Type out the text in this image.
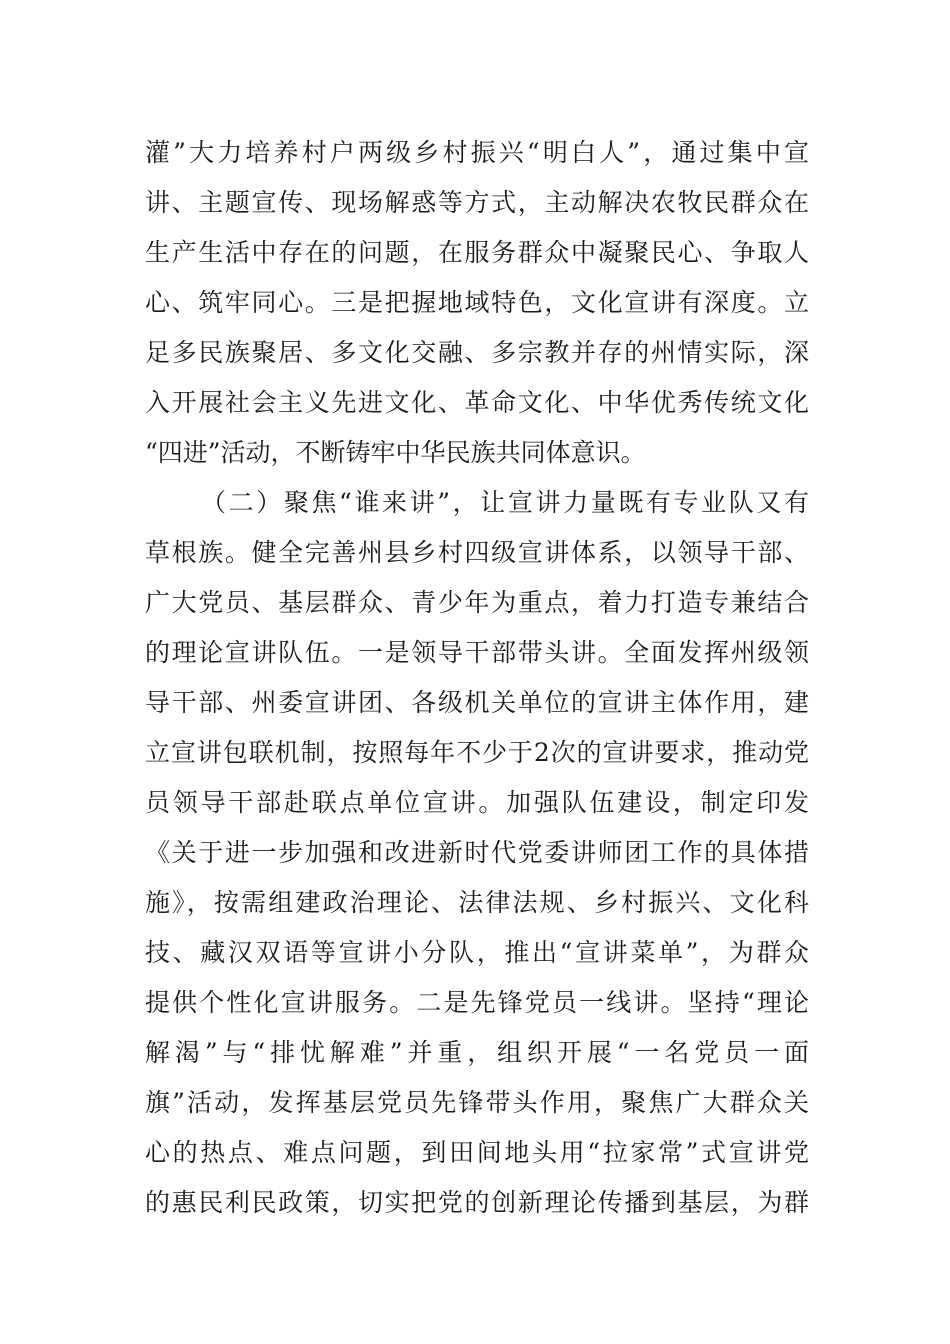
灌”大力培养村户两级乡村振兴“明白人”，通过集中宣
讲、主题宣传、现场解惑等方式，主动解决农牧民群众在
生产生活中存在的问题，在服务群众中凝聚民心、争取人
心、筑牢同心。三是把握地域特色，文化宣讲有深度。立
足多民族聚居、多文化交融、多宗教并存的州情实际，深
入开展社会主义先进文化、革命文化、中华优秀传统文化
“四进”活动，不断铸牢中华民族共同体意识。
（二）聚焦“谁来讲”，让宣讲力量既有专业队又有
草根族。健全完善州县乡村四级宣讲体系，以领导干部、
广大党员、基层群众、青少年为重点，着力打造专兼结合
的理论宣讲队伍。一是领导干部带头讲。全面发挥州级领
导干部、州委宣讲团、各级机关单位的宣讲主体作用，建
立宣讲包联机制，按照每年不少于2次的宣讲要求，推动党
员领导干部赴联点单位宣讲。加强队伍建设，制定印发
《关于进一步加强和改进新时代党委讲师团工作的具体措
施》，按需组建政治理论、法律法规、乡村振兴、文化科
技、藏汉双语等宣讲小分队，推出“宣讲菜单”，为群众
提供个性化宣讲服务。二是先锋党员一线讲。坚持“理论
解渴”与“排忧解难”并重，组织开展“一名党员一面
旗”活动，发挥基层党员先锋带头作用，聚焦广大群众关
心的热点、难点问题，到田间地头用“拉家常”式宣讲党
的惠民利民政策，切实把党的创新理论传播到基层，为群
